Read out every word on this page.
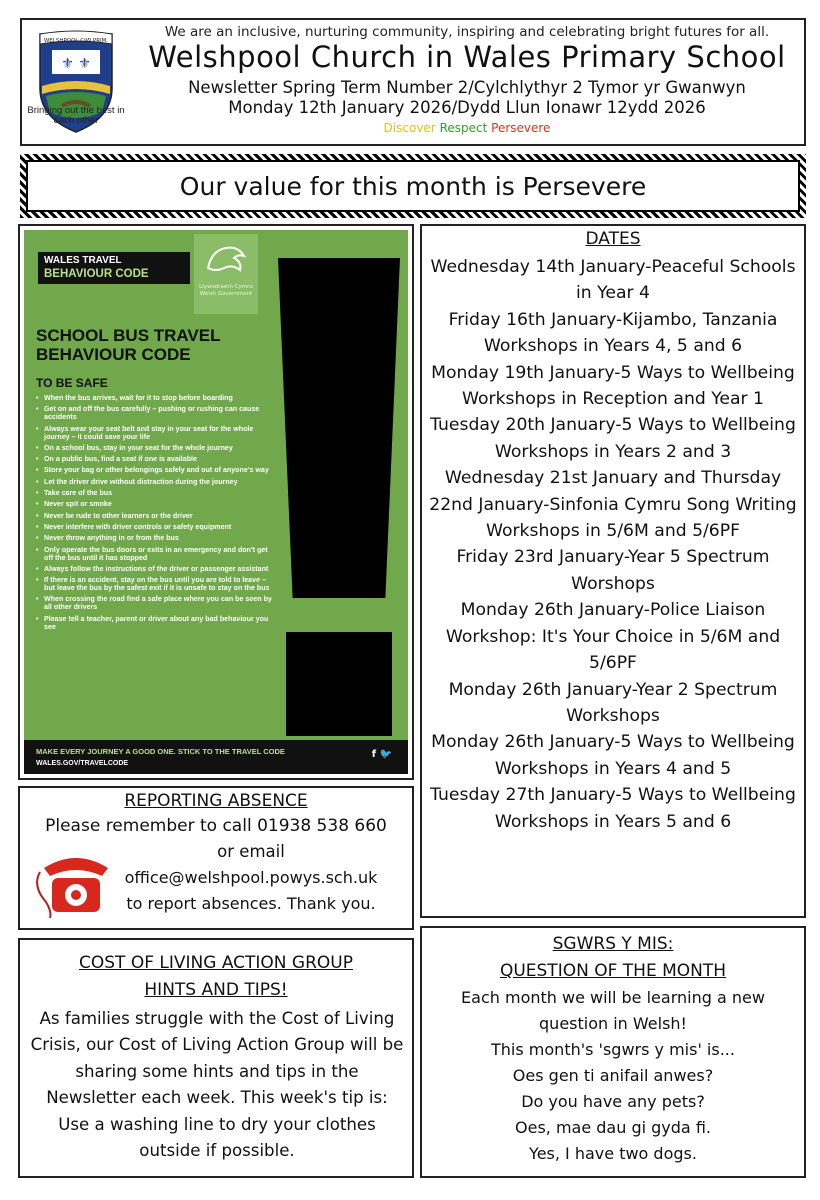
WELSHPOOL CIW PRIM.
⚜ ⚜
Bringing out the best in each other
We are an inclusive, nurturing community, inspiring and celebrating bright futures for all.
Welshpool Church in Wales Primary School
Newsletter Spring Term Number 2/Cylchlythyr 2 Tymor yr Gwanwyn
Monday 12th January 2026/Dydd Llun Ionawr 12ydd 2026
Discover Respect Persevere
Our value for this month is Persevere
WALES TRAVEL
BEHAVIOUR CODE
Llywodraeth Cymru Welsh Government
SCHOOL BUS TRAVEL BEHAVIOUR CODE
TO BE SAFE
• When the bus arrives, wait for it to stop before boarding
• Get on and off the bus carefully – pushing or rushing can cause accidents
• Always wear your seat belt and stay in your seat for the whole journey – it could save your life
• On a school bus, stay in your seat for the whole journey
• On a public bus, find a seat if one is available
• Store your bag or other belongings safely and out of anyone's way
• Let the driver drive without distraction during the journey
• Take care of the bus
• Never spit or smoke
• Never be rude to other learners or the driver
• Never interfere with driver controls or safety equipment
• Never throw anything in or from the bus
• Only operate the bus doors or exits in an emergency and don't get off the bus until it has stopped
• Always follow the instructions of the driver or passenger assistant
• If there is an accident, stay on the bus until you are told to leave – but leave the bus by the safest exit if it is unsafe to stay on the bus
• When crossing the road find a safe place where you can be seen by all other drivers
• Please tell a teacher, parent or driver about any bad behaviour you see
MAKE EVERY JOURNEY A GOOD ONE. STICK TO THE TRAVEL CODE
WALES.GOV/TRAVELCODE
f 🐦
DATES
Wednesday 14th January-Peaceful Schools in Year 4
Friday 16th January-Kijambo, Tanzania Workshops in Years 4, 5 and 6
Monday 19th January-5 Ways to Wellbeing Workshops in Reception and Year 1
Tuesday 20th January-5 Ways to Wellbeing Workshops in Years 2 and 3
Wednesday 21st January and Thursday 22nd January-Sinfonia Cymru Song Writing Workshops in 5/6M and 5/6PF
Friday 23rd January-Year 5 Spectrum Worshops
Monday 26th January-Police Liaison Workshop: It's Your Choice in 5/6M and 5/6PF
Monday 26th January-Year 2 Spectrum Workshops
Monday 26th January-5 Ways to Wellbeing Workshops in Years 4 and 5
Tuesday 27th January-5 Ways to Wellbeing Workshops in Years 5 and 6
REPORTING ABSENCE
Please remember to call 01938 538 660
or email
office@welshpool.powys.sch.uk
to report absences. Thank you.
COST OF LIVING ACTION GROUP
HINTS AND TIPS!
As families struggle with the Cost of Living Crisis, our Cost of Living Action Group will be sharing some hints and tips in the Newsletter each week. This week's tip is: Use a washing line to dry your clothes outside if possible.
SGWRS Y MIS:
QUESTION OF THE MONTH
Each month we will be learning a new
question in Welsh!
This month's 'sgwrs y mis' is...
Oes gen ti anifail anwes?
Do you have any pets?
Oes, mae dau gi gyda fi.
Yes, I have two dogs.
